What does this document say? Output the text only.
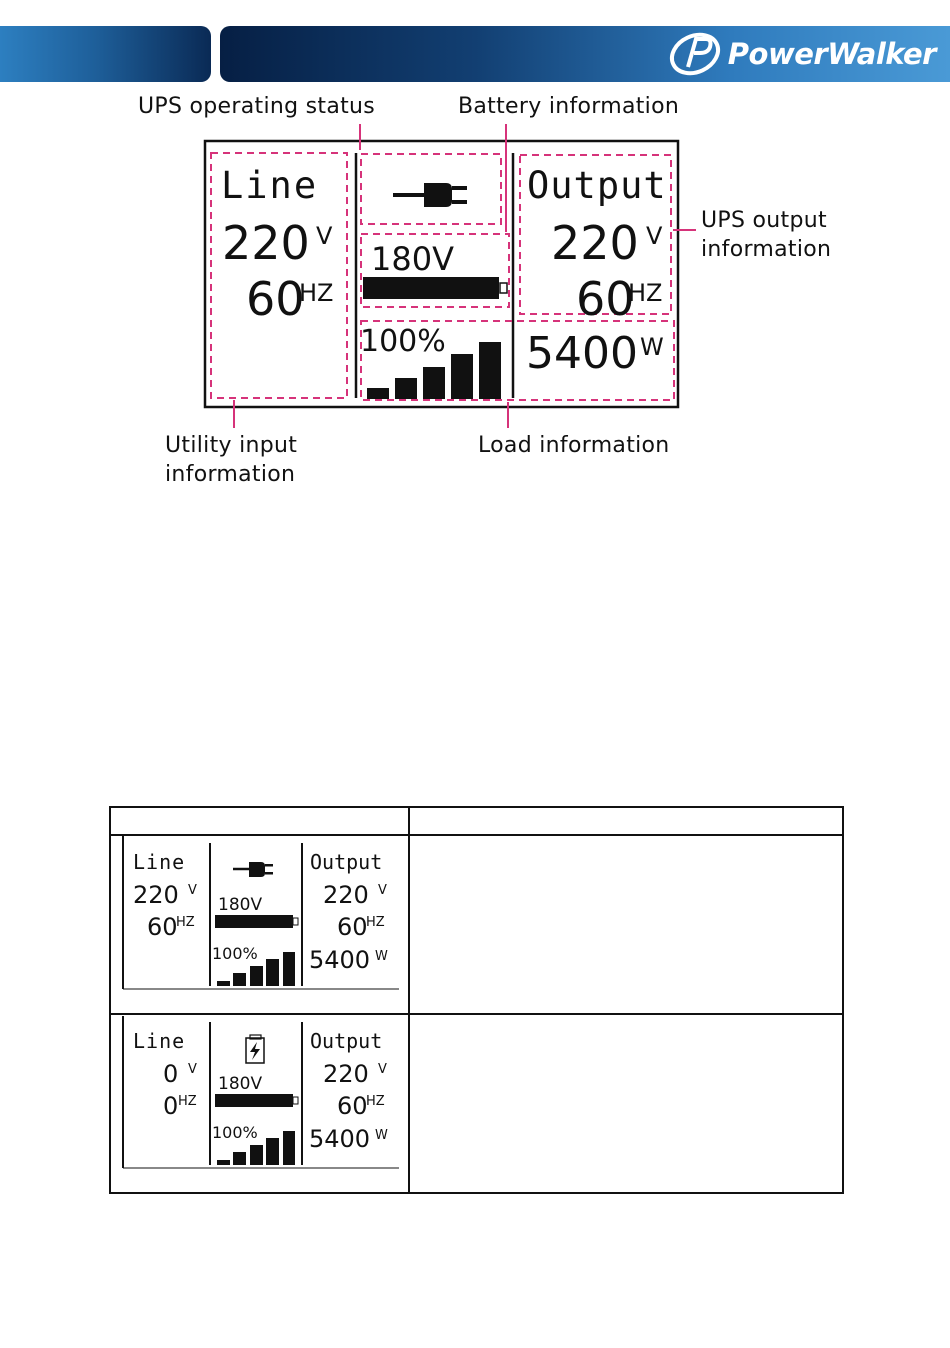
PowerWalker
UPS operating status	Battery information
UPS output
information
Utility input
information
Load information
Line
220 V
60
HZ
180V
100%
Output
220 V
60
HZ
5400 W
Line
220 V
60
HZ
180V
100%
Output
220 V
60
HZ
5400 W
Line
0 V
0 HZ
180V
100%
Output
220 V
60
HZ
5400 W
